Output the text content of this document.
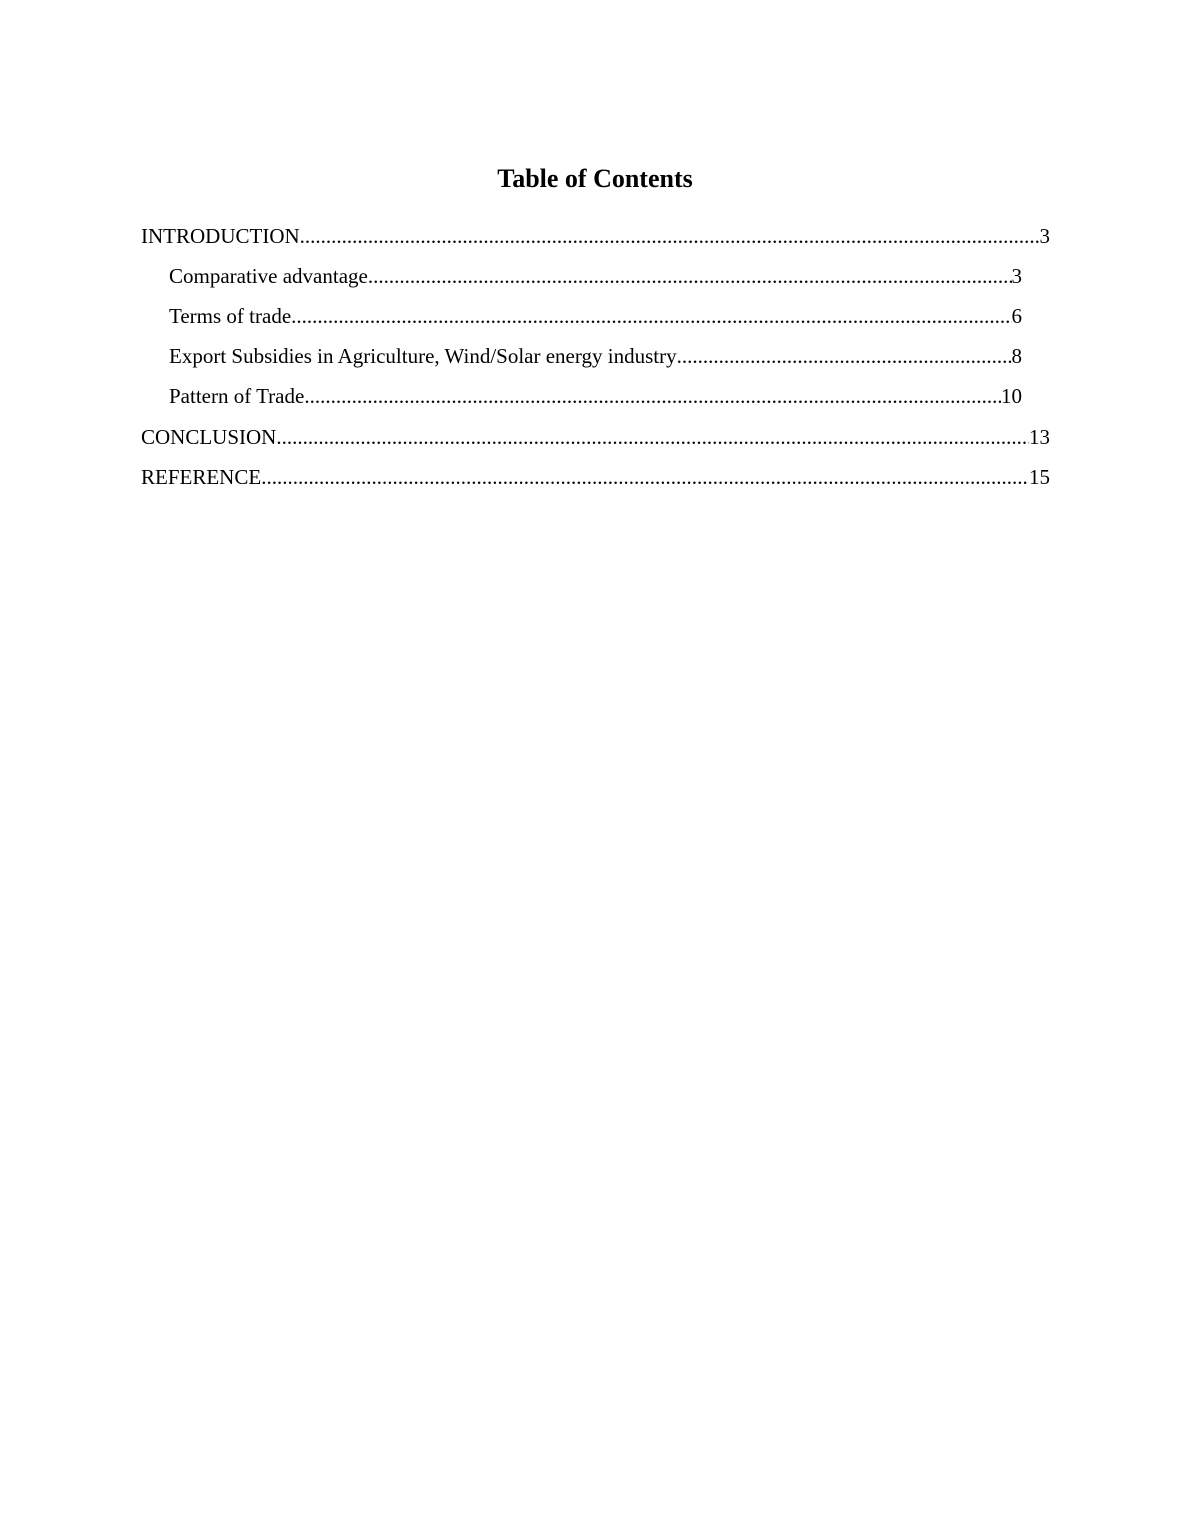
Table of Contents
INTRODUCTION .....	3
Comparative advantage .....	3
Terms of trade .....	6
Export Subsidies in Agriculture, Wind/Solar energy industry .....	8
Pattern of Trade .....	10
CONCLUSION .....	13
REFERENCE .....	15
